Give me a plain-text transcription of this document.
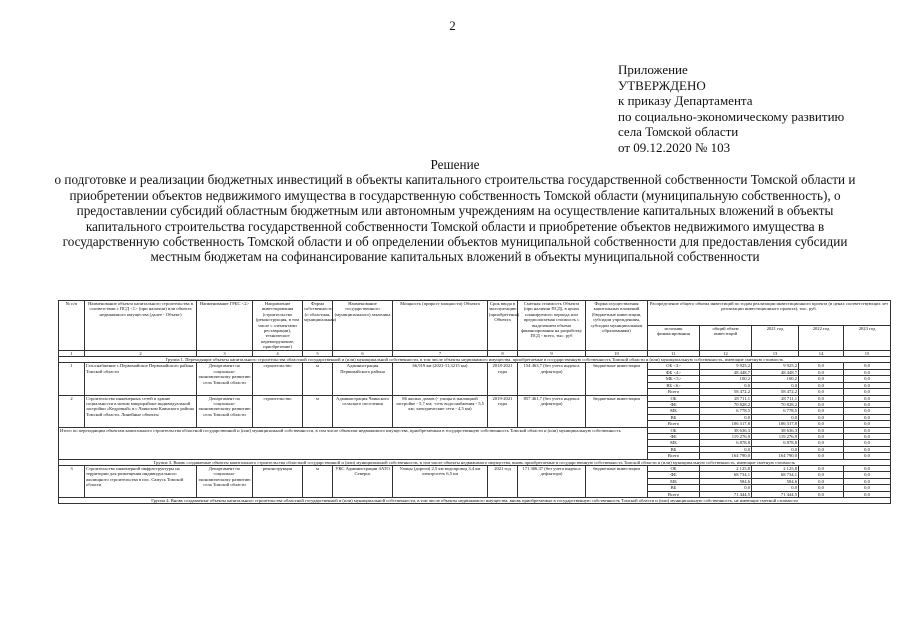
2
Приложение
УТВЕРЖДЕНО
к приказу Департамента
по социально-экономическому развитию
села Томской области
от 09.12.2020 № 103
Решение
о подготовке и реализации бюджетных инвестиций в объекты капитального строительства государственной собственности Томской области и приобретении объектов недвижимого имущества в государственную собственность Томской области (муниципальную собственность), о предоставлении субсидий областным бюджетным или автономным учреждениям на осуществление капитальных вложений в объекты капитального строительства государственной собственности Томской области и приобретение объектов недвижимого имущества в государственную собственность Томской области и об определении объектов муниципальной собственности для предоставления субсидии местным бюджетам на софинансирование капитальных вложений в объекты муниципальной собственности
№ п/п	Наименование объекта капитального строительства в соответствии с ПСД <1> (при наличии) или объекта недвижимого имущества (далее - Объект)	Наименование ГРБС <2>	Направление инвестирования (строительство (реконструкция, в том числе с элементами реставрации), техническое перевооружение, приобретение)	Форма собственности (о областная, муниципальная)	Наименование государственного (муниципального) заказчика	Мощность (прирост мощности) Объекта	Срок ввода в эксплуатацию (приобретения) Объекта	Сметная стоимость Объекта (при наличии ПСД), в ценах планируемого периода или предполагаемая стоимость с выделением объема финансирования на разработку ПСД - всего, тыс. руб	Форма осуществления капитальных вложений (бюджетные инвестиции, субсидии учреждениям, субсидии муниципальным образованиям)	Распределение общего объема инвестиций по годам реализации инвестиционного проекта (в ценах соответствующих лет реализации инвестиционного проекта), тыс. руб.				
										источник финансирования	общий объем инвестиций	2021 год	2022 год	2023 год
1	2	3	4	5	6	7	8	9	10	11	12	13	14	15
Группа 1. Переходящие объекты капитального строительства областной государственной и (или) муниципальной собственности, в том числе объекты недвижимого имущества, приобретаемые в государственную собственность Томской области и (или) муниципальную собственность, имеющие сметную стоимость														
1	Газоснабжение с.Первомайское Первомайского района Томской области	Департамент по социально-экономическому развитию села Томской области	строительство	м	Администрация Первомайского района	66,919 км (2021-11,3215 км)	2018-2021 годы	154 463,7 (без учета индекса дефлятора)	бюджетные инвестиции	ОБ <3>	9 925,2	9 925,2	0,0	0,0
										ФБ <4>	48 448,7	48 448,7	0,0	0,0
										МБ <5>	100,2	100,2	0,0	0,0
										ВБ <6>	0,0	0,0	0,0	0,0
										Всего	58 472,2	58 472,2	0,0	0,0
2	Строительство инженерных сетей в здание социальности в новом микрорайоне индивидуальной застройки «Кедровый» в с.Чаинском Каинского района Томской области. Линейные объекты	Департамент по социально-экономическому развитию села Томской области	строительство	м	Администрация Чаинского сельского поселения	86 жилых домов (- улицы в жилищной застройке - 5,7 км; -сеть водоснабжения - 5,5 км; электрические сети - 4,5 км)	2019-2021 годы	857 461,7 (без учета индекса дефлятора)	бюджетные инвестиции	ОБ	28 711,1	28 711,1	0,0	0,0
										ФБ	70 828,2	70 828,2	0,0	0,0
										МБ	6 778,5	6 778,5	0,0	0,0
										ВБ	0,0	0,0	0,0	0,0
										Всего	106 317,8	106 317,8	0,0	0,0
Итого по переходящим объектам капитального строительства областной государственной и (или) муниципальной собственности, в том числе объектам недвижимого имущества, приобретаемым в государственную собственность Томской области и (или) муниципальную собственность										ОБ	38 636,3	38 636,3	0,0	0,0
										ФБ	119 276,9	119 276,9	0,0	0,0
										МБ	6 878,8	6 878,8	0,0	0,0
										ВБ	0,0	0,0	0,0	0,0
										Всего	164 790,0	164 790,0	0,0	0,0
Группа 3. Вновь создаваемые объекты капитального строительства областной государственной и (или) муниципальной собственности, в том числе объекты недвижимого имущества, вновь приобретаемые в государственную собственность Томской области и (или) муниципальную собственность, имеющие сметную стоимость														
3	Строительство инженерной инфраструктуры на территории для размещения индивидуального жилищного строительства в пос. Самусь Томской области	Департамент по социально-экономическому развитию села Томской области	реконструкция	м	УКС Администрации ЗАТО Северск	Улицы (дороги) 2,5 км водопровод 3,4 км электросеть 6,5 км	2021 год	171 306,37 (без учета индекса дефлятора)	бюджетные инвестиции	ОБ	2 125,8	2 125,8	0,0	0,0
										ФБ	68 734,1	68 734,1	0,0	0,0
										МБ	584,6	584,6	0,0	0,0
										ВБ	0,0	0,0	0,0	0,0
										Всего	71 444,5	71 444,5	0,0	0,0
Группа 4. Вновь создаваемые объекты капитального строительства областной государственной и (или) муниципальной собственности, в том числе объекты недвижимого имущества, вновь приобретаемые в государственную собственность Томской области и (или) муниципальную собственность, не имеющие сметной стоимости														
